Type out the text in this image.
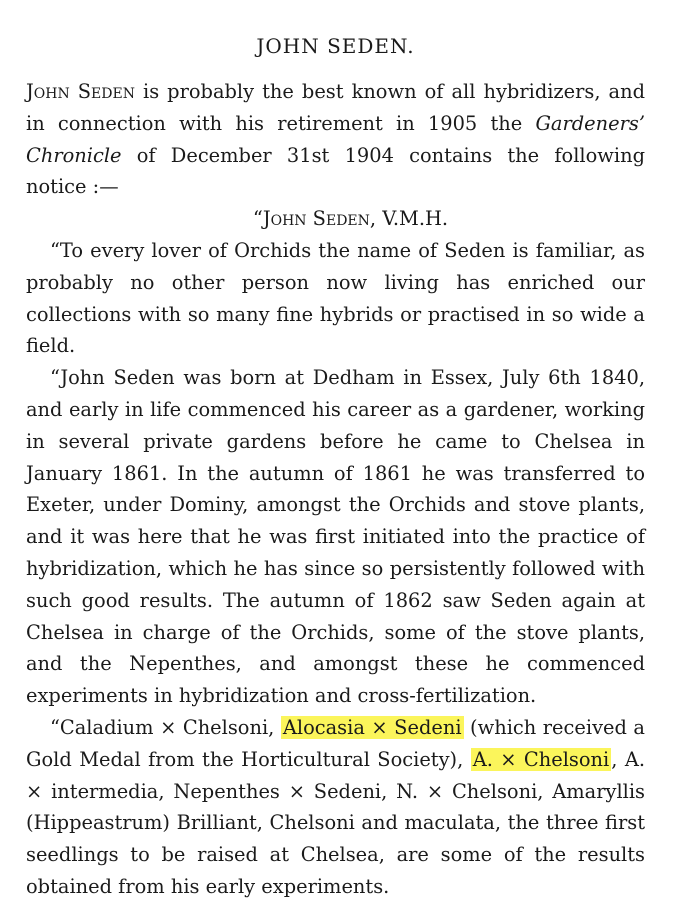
JOHN SEDEN.

John Seden is probably the best known of all hybridizers, and in connection with his retirement in 1905 the Gardeners’ Chronicle of December 31st 1904 contains the following notice :—

“John Seden, V.M.H.

“To every lover of Orchids the name of Seden is familiar, as probably no other person now living has enriched our collections with so many fine hybrids or practised in so wide a field.

“John Seden was born at Dedham in Essex, July 6th 1840, and early in life commenced his career as a gardener, working in several private gardens before he came to Chelsea in January 1861. In the autumn of 1861 he was transferred to Exeter, under Dominy, amongst the Orchids and stove plants, and it was here that he was first initiated into the practice of hybridization, which he has since so persistently followed with such good results. The autumn of 1862 saw Seden again at Chelsea in charge of the Orchids, some of the stove plants, and the Nepenthes, and amongst these he commenced experiments in hybridization and cross-fertilization.

“Caladium × Chelsoni, Alocasia × Sedeni (which received a Gold Medal from the Horticultural Society), A. × Chelsoni , A. × intermedia, Nepenthes × Sedeni, N. × Chelsoni, Amaryllis (Hippeastrum) Brilliant, Chelsoni and maculata, the three first seedlings to be raised at Chelsea, are some of the results obtained from his early experiments.
